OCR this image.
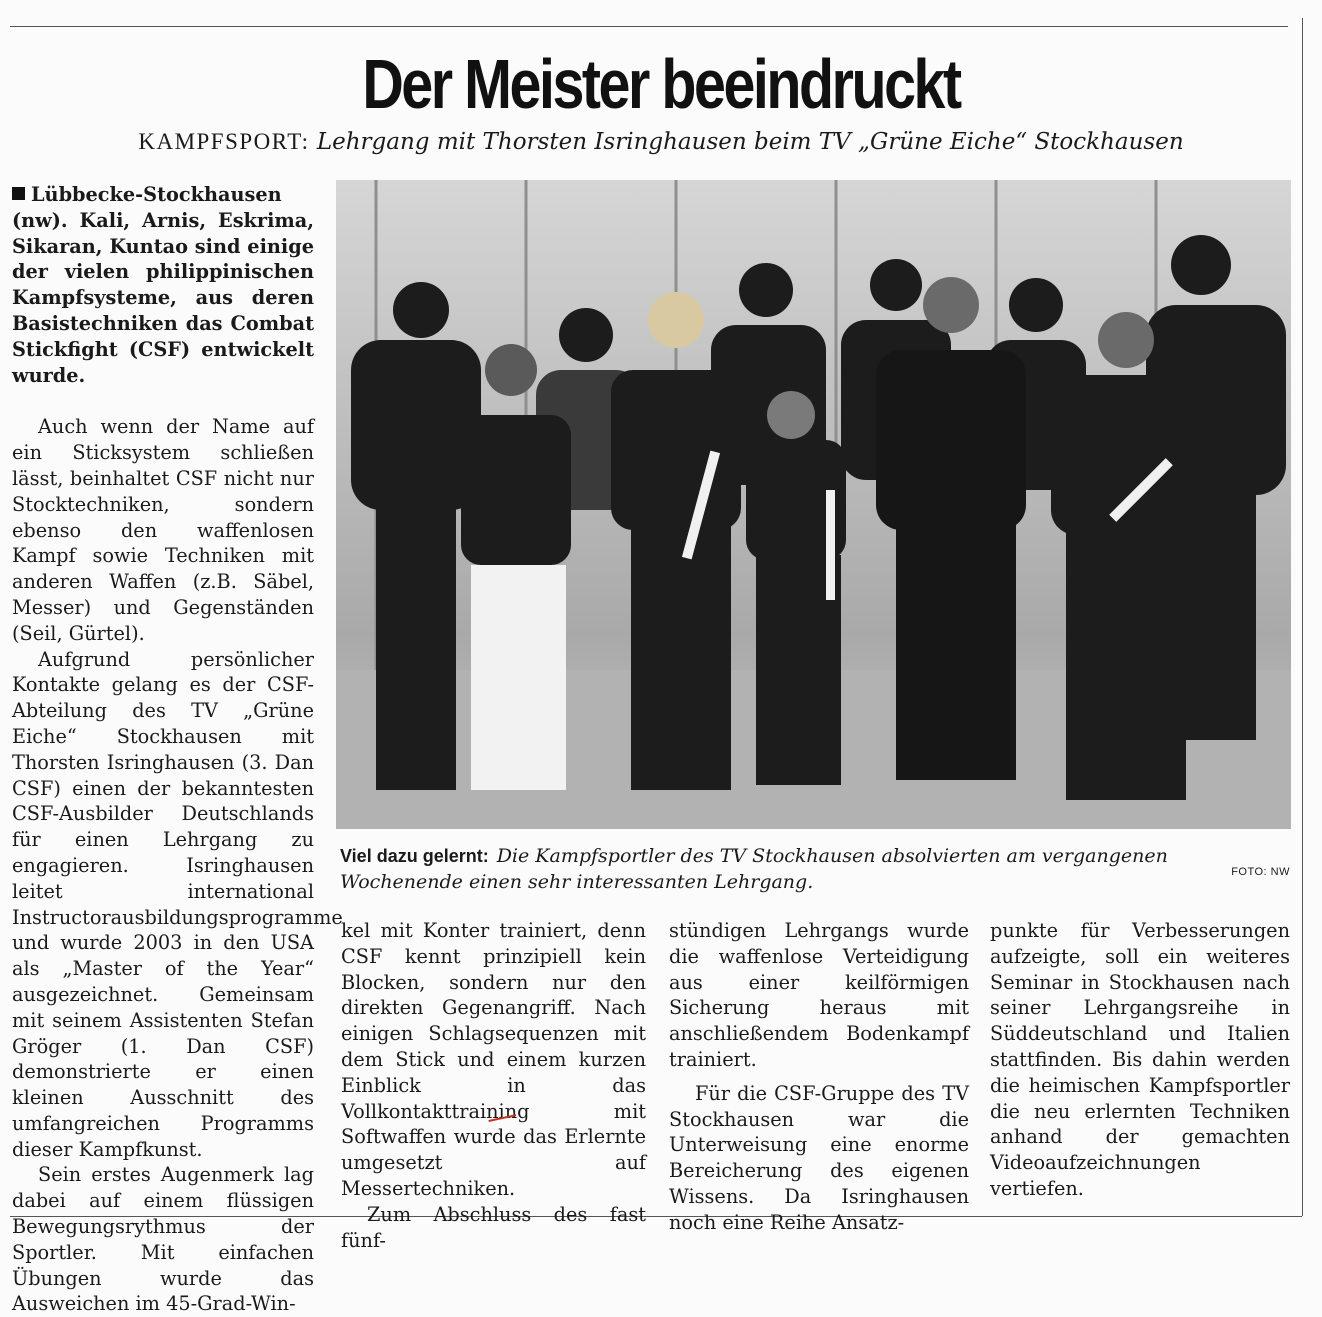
Der Meister beeindruckt
KAMPFSPORT: Lehrgang mit Thorsten Isringhausen beim TV „Grüne Eiche“ Stockhausen

Lübbecke-Stockhausen (nw). Kali, Arnis, Eskrima, Sikaran, Kuntao sind einige der vielen philippinischen Kampfsysteme, aus deren Basistechniken das Combat Stickfight (CSF) entwickelt wurde.

Auch wenn der Name auf ein Sticksystem schließen lässt, beinhaltet CSF nicht nur Stocktechniken, sondern ebenso den waffenlosen Kampf sowie Techniken mit anderen Waffen (z.B. Säbel, Messer) und Gegenständen (Seil, Gürtel).

Aufgrund persönlicher Kontakte gelang es der CSF-Abteilung des TV „Grüne Eiche“ Stockhausen mit Thorsten Isringhausen (3. Dan CSF) einen der bekanntesten CSF-Ausbilder Deutschlands für einen Lehrgang zu engagieren. Isringhausen leitet international Instructorausbildungsprogramme und wurde 2003 in den USA als „Master of the Year“ ausgezeichnet. Gemeinsam mit seinem Assistenten Stefan Gröger (1. Dan CSF) demonstrierte er einen kleinen Ausschnitt des umfangreichen Programms dieser Kampfkunst.

Sein erstes Augenmerk lag dabei auf einem flüssigen Bewegungsrythmus der Sportler. Mit einfachen Übungen wurde das Ausweichen im 45-Grad-Win-

Viel dazu gelernt: Die Kampfsportler des TV Stockhausen absolvierten am vergangenen Wochenende einen sehr interessanten Lehrgang.	FOTO: NW

kel mit Konter trainiert, denn CSF kennt prinzipiell kein Blocken, sondern nur den direkten Gegenangriff. Nach einigen Schlagsequenzen mit dem Stick und einem kurzen Einblick in das Vollkontakttraining mit Softwaffen wurde das Erlernte umgesetzt auf Messertechniken.

Zum Abschluss des fast fünf-

stündigen Lehrgangs wurde die waffenlose Verteidigung aus einer keilförmigen Sicherung heraus mit anschließendem Bodenkampf trainiert.

Für die CSF-Gruppe des TV Stockhausen war die Unterweisung eine enorme Bereicherung des eigenen Wissens. Da Isringhausen noch eine Reihe Ansatz-

punkte für Verbesserungen aufzeigte, soll ein weiteres Seminar in Stockhausen nach seiner Lehrgangsreihe in Süddeutschland und Italien stattfinden. Bis dahin werden die heimischen Kampfsportler die neu erlernten Techniken anhand der gemachten Videoaufzeichnungen vertiefen.
